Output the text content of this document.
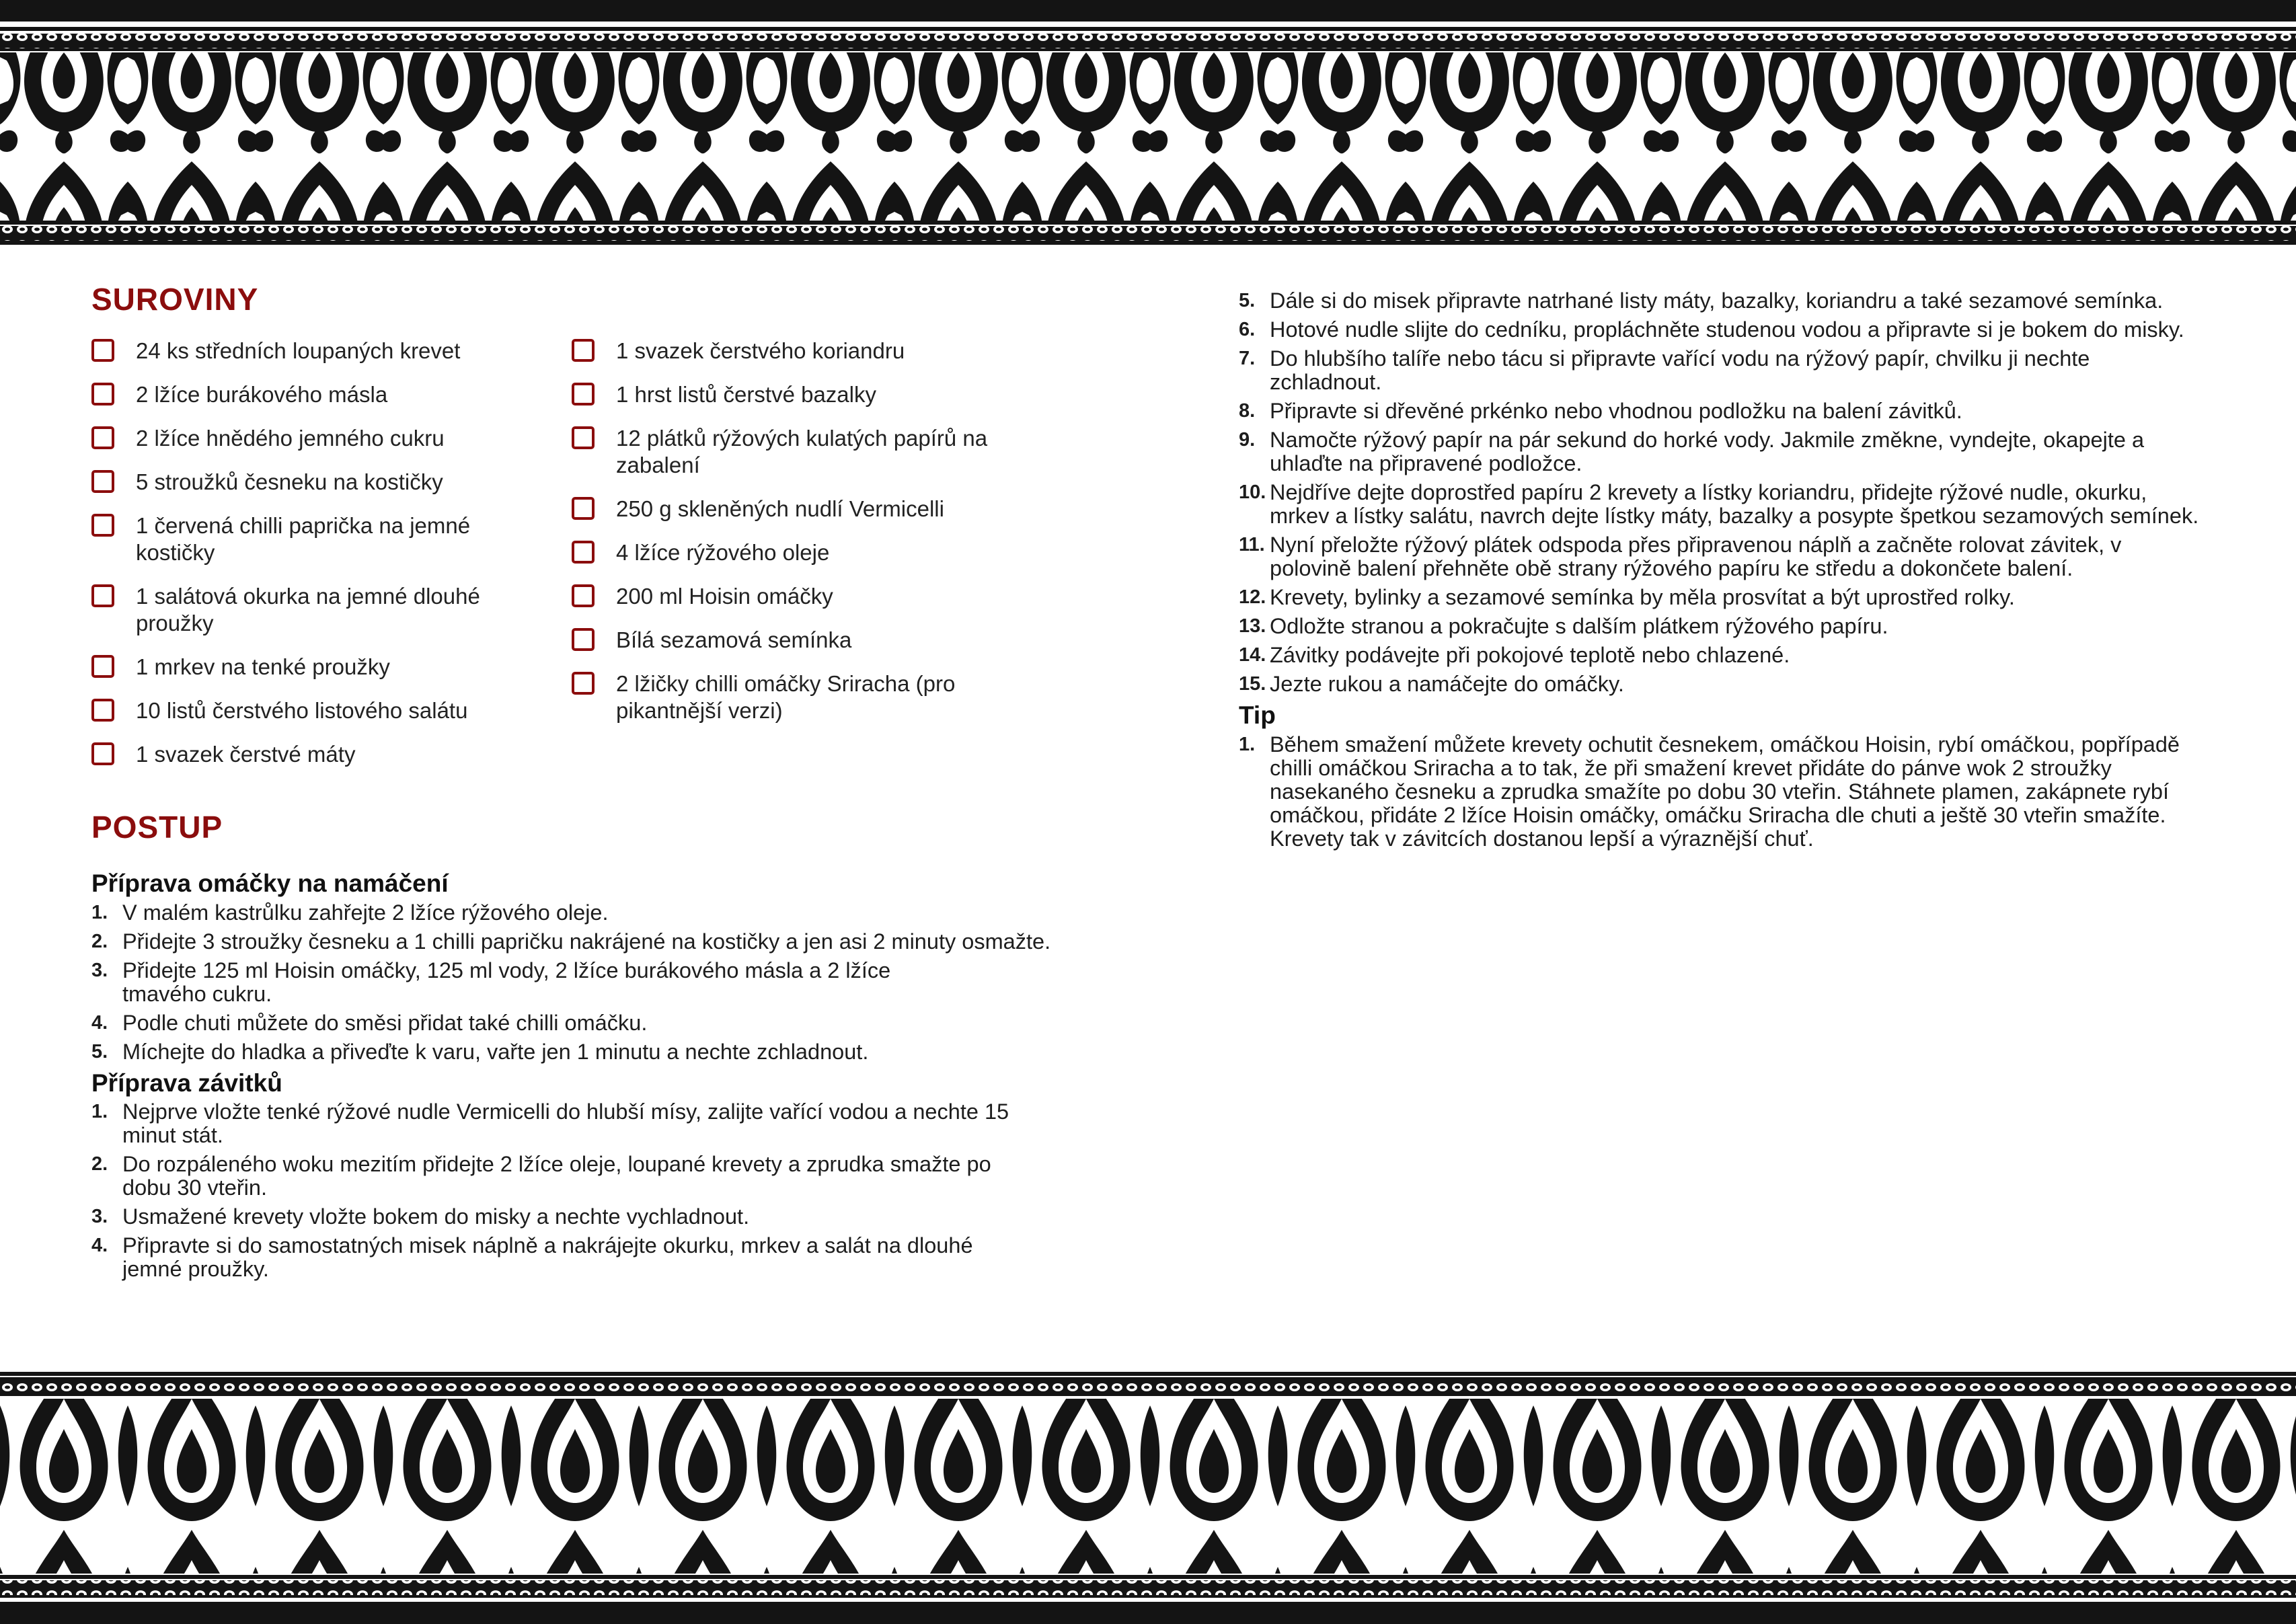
SUROVINY
24 ks středních loupaných krevet
2 lžíce burákového másla
2 lžíce hnědého jemného cukru
5 stroužků česneku na kostičky
1 červená chilli paprička na jemné kostičky
1 salátová okurka na jemné dlouhé proužky
1 mrkev na tenké proužky
10 listů čerstvého listového salátu
1 svazek čerstvé máty
1 svazek čerstvého koriandru
1 hrst listů čerstvé bazalky
12 plátků rýžových kulatých papírů na zabalení
250 g skleněných nudlí Vermicelli
4 lžíce rýžového oleje
200 ml Hoisin omáčky
Bílá sezamová semínka
2 lžičky chilli omáčky Sriracha (pro pikantnější verzi)
POSTUP
Příprava omáčky na namáčení
1. V malém kastrůlku zahřejte 2 lžíce rýžového oleje.
2. Přidejte 3 stroužky česneku a 1 chilli papričku nakrájené na kostičky a jen asi 2 minuty osmažte.
3. Přidejte 125 ml Hoisin omáčky, 125 ml vody, 2 lžíce burákového másla a 2 lžíce tmavého cukru.
4. Podle chuti můžete do směsi přidat také chilli omáčku.
5. Míchejte do hladka a přiveďte k varu, vařte jen 1 minutu a nechte zchladnout.
Příprava závitků
1. Nejprve vložte tenké rýžové nudle Vermicelli do hlubší mísy, zalijte vařící vodou a nechte 15 minut stát.
2. Do rozpáleného woku mezitím přidejte 2 lžíce oleje, loupané krevety a zprudka smažte po dobu 30 vteřin.
3. Usmažené krevety vložte bokem do misky a nechte vychladnout.
4. Připravte si do samostatných misek náplně a nakrájejte okurku, mrkev a salát na dlouhé jemné proužky.
5. Dále si do misek připravte natrhané listy máty, bazalky, koriandru a také sezamové semínka.
6. Hotové nudle slijte do cedníku, propláchněte studenou vodou a připravte si je bokem do misky.
7. Do hlubšího talíře nebo tácu si připravte vařící vodu na rýžový papír, chvilku ji nechte zchladnout.
8. Připravte si dřevěné prkénko nebo vhodnou podložku na balení závitků.
9. Namočte rýžový papír na pár sekund do horké vody. Jakmile změkne, vyndejte, okapejte a uhlaďte na připravené podložce.
10. Nejdříve dejte doprostřed papíru 2 krevety a lístky koriandru, přidejte rýžové nudle, okurku, mrkev a lístky salátu, navrch dejte lístky máty, bazalky a posypte špetkou sezamových semínek.
11. Nyní přeložte rýžový plátek odspoda přes připravenou náplň a začněte rolovat závitek, v polovině balení přehněte obě strany rýžového papíru ke středu a dokončete balení.
12. Krevety, bylinky a sezamové semínka by měla prosvítat a být uprostřed rolky.
13. Odložte stranou a pokračujte s dalším plátkem rýžového papíru.
14. Závitky podávejte při pokojové teplotě nebo chlazené.
15. Jezte rukou a namáčejte do omáčky.
Tip
1. Během smažení můžete krevety ochutit česnekem, omáčkou Hoisin, rybí omáčkou, popřípadě chilli omáčkou Sriracha a to tak, že při smažení krevet přidáte do pánve wok 2 stroužky nasekaného česneku a zprudka smažíte po dobu 30 vteřin. Stáhnete plamen, zakápnete rybí omáčkou, přidáte 2 lžíce Hoisin omáčky, omáčku Sriracha dle chuti a ještě 30 vteřin smažíte. Krevety tak v závitcích dostanou lepší a výraznější chuť.
